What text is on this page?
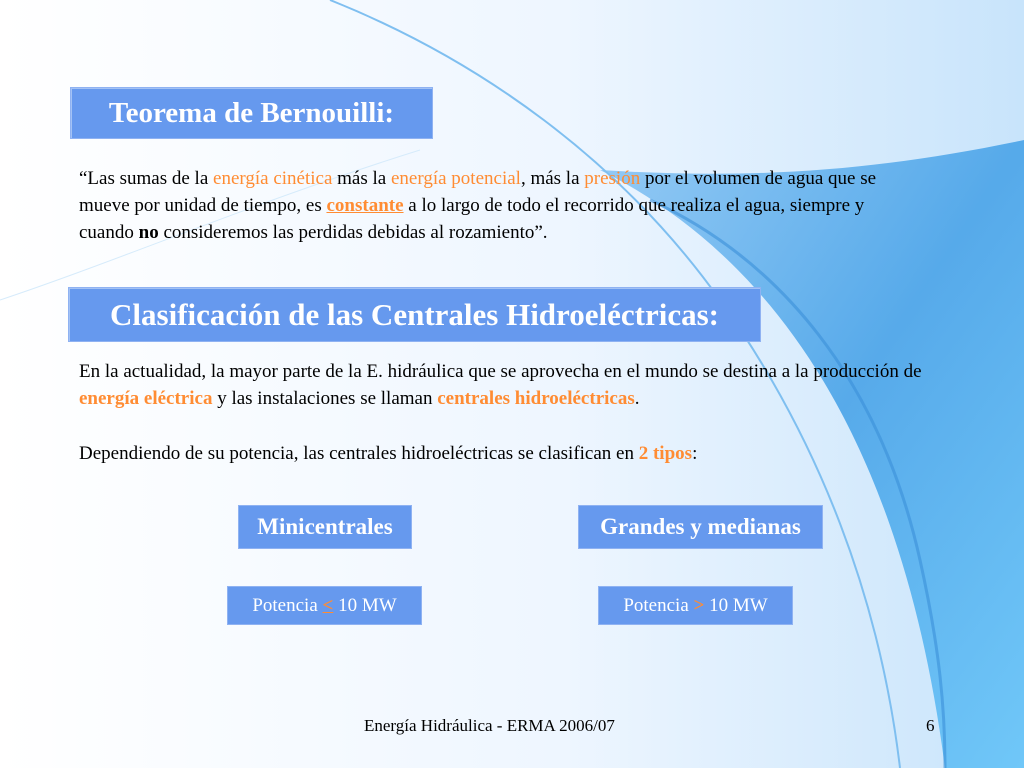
Teorema de Bernouilli:
“Las sumas de la energía cinética más la energía potencial, más la presión por el volumen de agua que se mueve por unidad de tiempo, es constante a lo largo de todo el recorrido que realiza el agua, siempre y cuando no consideremos las perdidas debidas al rozamiento”.
Clasificación de las Centrales Hidroeléctricas:
En la actualidad, la mayor parte de la E. hidráulica que se aprovecha en el mundo se destina a la producción de energía eléctrica y las instalaciones se llaman centrales hidroeléctricas.
Dependiendo de su potencia, las centrales hidroeléctricas se clasifican en 2 tipos:
Minicentrales	Grandes y medianas
Potencia ≤ 10 MW	Potencia > 10 MW
Energía Hidráulica - ERMA 2006/07	6
